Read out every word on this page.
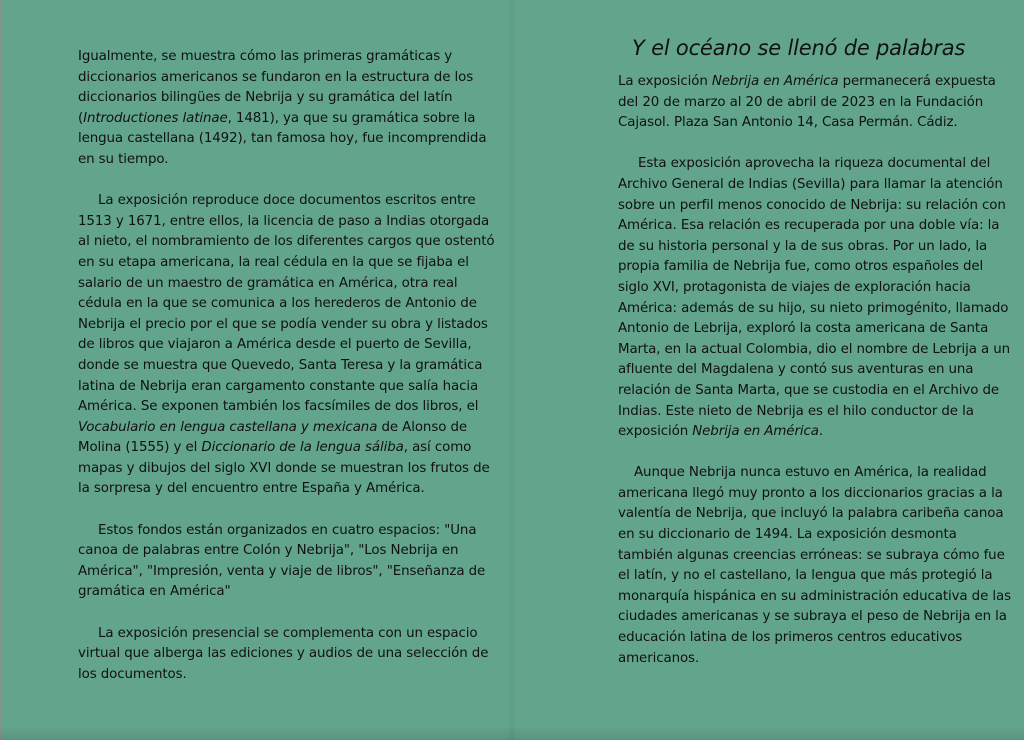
Igualmente, se muestra cómo las primeras gramáticas y diccionarios americanos se fundaron en la estructura de los diccionarios bilingües de Nebrija y su gramática del latín (Introductiones latinae, 1481), ya que su gramática sobre la lengua castellana (1492), tan famosa hoy, fue incomprendida en su tiempo.

La exposición reproduce doce documentos escritos entre 1513 y 1671, entre ellos, la licencia de paso a Indias otorgada al nieto, el nombramiento de los diferentes cargos que ostentó en su etapa americana, la real cédula en la que se fijaba el salario de un maestro de gramática en América, otra real cédula en la que se comunica a los herederos de Antonio de Nebrija el precio por el que se podía vender su obra y listados de libros que viajaron a América desde el puerto de Sevilla, donde se muestra que Quevedo, Santa Teresa y la gramática latina de Nebrija eran cargamento constante que salía hacia América. Se exponen también los facsímiles de dos libros, el Vocabulario en lengua castellana y mexicana de Alonso de Molina (1555) y el Diccionario de la lengua sáliba, así como mapas y dibujos del siglo XVI donde se muestran los frutos de la sorpresa y del encuentro entre España y América.

Estos fondos están organizados en cuatro espacios: "Una canoa de palabras entre Colón y Nebrija", "Los Nebrija en América", "Impresión, venta y viaje de libros", "Enseñanza de gramática en América"

La exposición presencial se complementa con un espacio virtual que alberga las ediciones y audios de una selección de los documentos.

Y el océano se llenó de palabras

La exposición Nebrija en América permanecerá expuesta del 20 de marzo al 20 de abril de 2023 en la Fundación Cajasol. Plaza San Antonio 14, Casa Permán. Cádiz.

Esta exposición aprovecha la riqueza documental del Archivo General de Indias (Sevilla) para llamar la atención sobre un perfil menos conocido de Nebrija: su relación con América. Esa relación es recuperada por una doble vía: la de su historia personal y la de sus obras. Por un lado, la propia familia de Nebrija fue, como otros españoles del siglo XVI, protagonista de viajes de exploración hacia América: además de su hijo, su nieto primogénito, llamado Antonio de Lebrija, exploró la costa americana de Santa Marta, en la actual Colombia, dio el nombre de Lebrija a un afluente del Magdalena y contó sus aventuras en una relación de Santa Marta, que se custodia en el Archivo de Indias. Este nieto de Nebrija es el hilo conductor de la exposición Nebrija en América.

Aunque Nebrija nunca estuvo en América, la realidad americana llegó muy pronto a los diccionarios gracias a la valentía de Nebrija, que incluyó la palabra caribeña canoa en su diccionario de 1494. La exposición desmonta también algunas creencias erróneas: se subraya cómo fue el latín, y no el castellano, la lengua que más protegió la monarquía hispánica en su administración educativa de las ciudades americanas y se subraya el peso de Nebrija en la educación latina de los primeros centros educativos americanos.
